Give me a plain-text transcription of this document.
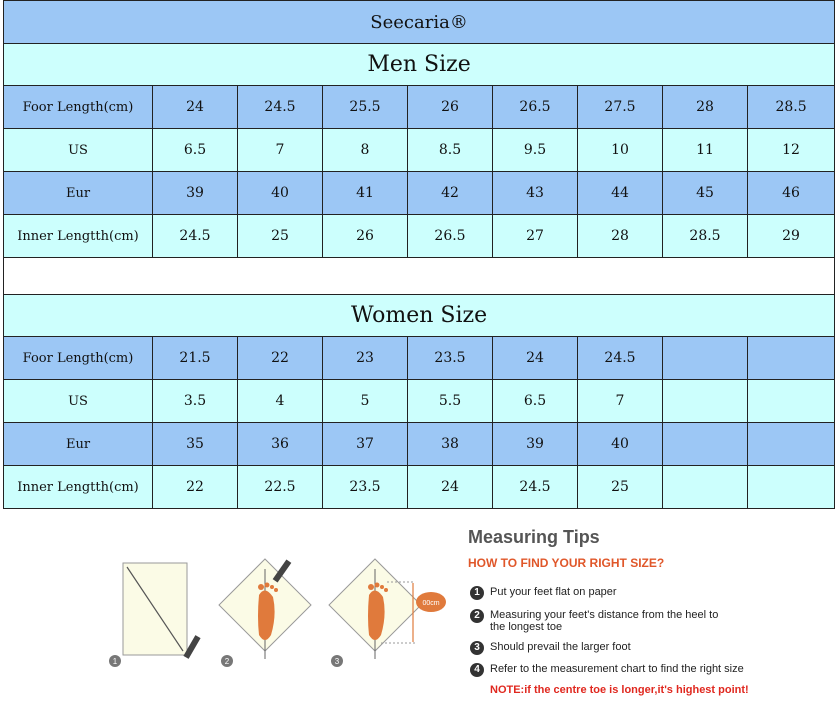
Seecaria®								
Men Size								
Foor Length(cm)	24	24.5	25.5	26	26.5	27.5	28	28.5
US	6.5	7	8	8.5	9.5	10	11	12
Eur	39	40	41	42	43	44	45	46
Inner Lengtth(cm)	24.5	25	26	26.5	27	28	28.5	29

Women Size								
Foor Length(cm)	21.5	22	23	23.5	24	24.5		
US	3.5	4	5	5.5	6.5	7		
Eur	35	36	37	38	39	40		
Inner Lengtth(cm)	22	22.5	23.5	24	24.5	25		
1	2
00cm
3
Measuring Tips
HOW TO FIND YOUR RIGHT SIZE?
1 Put your feet flat on paper
2 Measuring your feet's distance from the heel to the longest toe
3 Should prevail the larger foot
4 Refer to the measurement chart to find the right size
NOTE:if the centre toe is longer,it's highest point!
